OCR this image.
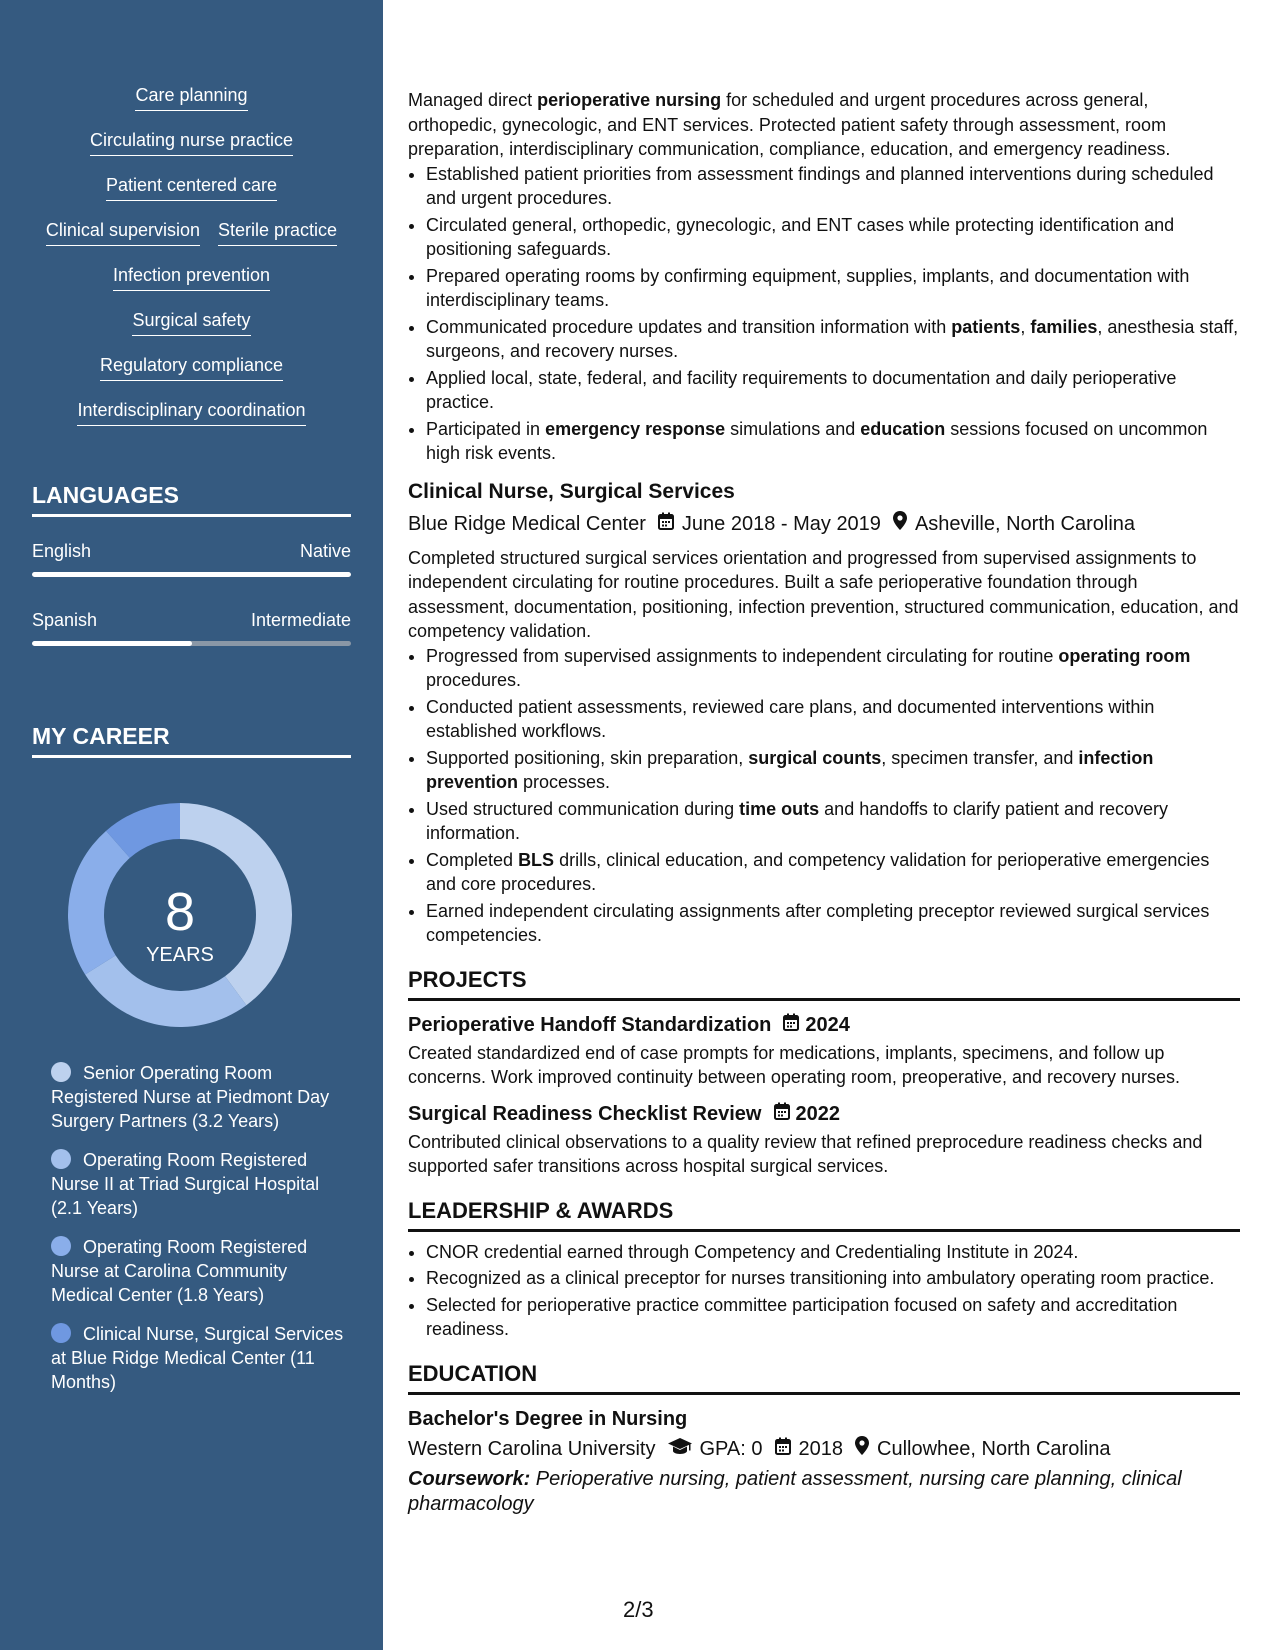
Care planning
Circulating nurse practice
Patient centered care
Clinical supervision Sterile practice
Infection prevention
Surgical safety
Regulatory compliance
Interdisciplinary coordination
LANGUAGES
English	Native
Spanish	Intermediate
MY CAREER
8
YEARS
Senior Operating Room Registered Nurse at Piedmont Day Surgery Partners (3.2 Years)
Operating Room Registered Nurse II at Triad Surgical Hospital (2.1 Years)
Operating Room Registered Nurse at Carolina Community Medical Center (1.8 Years)
Clinical Nurse, Surgical Services at Blue Ridge Medical Center (11 Months)

Managed direct perioperative nursing for scheduled and urgent procedures across general, orthopedic, gynecologic, and ENT services. Protected patient safety through assessment, room preparation, interdisciplinary communication, compliance, education, and emergency readiness.

• Established patient priorities from assessment findings and planned interventions during scheduled and urgent procedures.
• Circulated general, orthopedic, gynecologic, and ENT cases while protecting identification and positioning safeguards.
• Prepared operating rooms by confirming equipment, supplies, implants, and documentation with interdisciplinary teams.
• Communicated procedure updates and transition information with patients, families, anesthesia staff, surgeons, and recovery nurses.
• Applied local, state, federal, and facility requirements to documentation and daily perioperative practice.
• Participated in emergency response simulations and education sessions focused on uncommon high risk events.
Clinical Nurse, Surgical Services
Blue Ridge Medical Center June 2018 - May 2019 Asheville, North Carolina

Completed structured surgical services orientation and progressed from supervised assignments to independent circulating for routine procedures. Built a safe perioperative foundation through assessment, documentation, positioning, infection prevention, structured communication, education, and competency validation.

• Progressed from supervised assignments to independent circulating for routine operating room procedures.
• Conducted patient assessments, reviewed care plans, and documented interventions within established workflows.
• Supported positioning, skin preparation, surgical counts, specimen transfer, and infection prevention processes.
• Used structured communication during time outs and handoffs to clarify patient and recovery information.
• Completed BLS drills, clinical education, and competency validation for perioperative emergencies and core procedures.
• Earned independent circulating assignments after completing preceptor reviewed surgical services competencies.
PROJECTS
Perioperative Handoff Standardization 2024

Created standardized end of case prompts for medications, implants, specimens, and follow up concerns. Work improved continuity between operating room, preoperative, and recovery nurses.

Surgical Readiness Checklist Review 2022

Contributed clinical observations to a quality review that refined preprocedure readiness checks and supported safer transitions across hospital surgical services.

LEADERSHIP & AWARDS
• CNOR credential earned through Competency and Credentialing Institute in 2024.
• Recognized as a clinical preceptor for nurses transitioning into ambulatory operating room practice.
• Selected for perioperative practice committee participation focused on safety and accreditation readiness.
EDUCATION
Bachelor's Degree in Nursing
Western Carolina University GPA: 0 2018 Cullowhee, North Carolina
Coursework: Perioperative nursing, patient assessment, nursing care planning, clinical pharmacology
2/3
